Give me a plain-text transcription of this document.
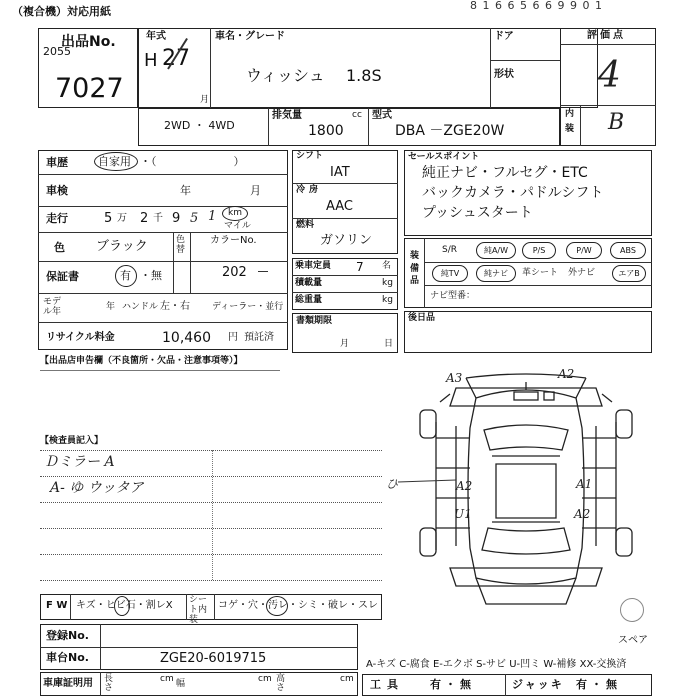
（複合機）対応用紙	8 1 6 6 5 6 6 9 9 0 1
出品No.
2055
7027
年式
H 27
月
車名・グレード
ウィッシュ 1.8S
ドア
形状
評価点
4
内
装 B
2WD ・ 4WD
排気量	cc
1800
型式
DBA －ZGE20W
車歴	自家用 ・（　　　　　　　）
車検	年	月
走行	5 万 2 千 9 5 1 km
マイル
色 ブラック	色替
カラーNo.
202
保証書	有 ・無
モデル年	年 ハンドル 左・右 ディーラー・並行
リサイクル料金	10,460 円 預託済
シフト
IAT
冷房
AAC
燃料
ガソリン
乗車定員 7 名
積載量	kg
総重量	kg
書類期限
月	日
セールスポイント
純正ナビ・フルセグ・ETC
バックカメラ・パドルシフト
プッシュスタート
装備品
S/R	純A/W	P/S	P/W	ABS
純TV	純ナビ	革シート 外ナビ	エアB
ナビ型番：
後日品
【出品店申告欄（不良箇所・欠品・注意事項等）】
【検査員記入】
Ｄミラー A
A- ゆ ウッタア
A3	A2
A2	A1
U1	A2
ひ
スペア
F W キズ・ヒビ石・割レX シート内装
コゲ・穴・汚レ・シミ・破レ・スレ
登録No.
車台No.	ZGE20-6019715
車庫証明用 長さ
cm 幅	cm 高さ
cm
A-キズ C-腐食 E-エクボ S-サビ U-凹ミ W-補修 XX-交換済
工具 有・無	ジャッキ 有・無
